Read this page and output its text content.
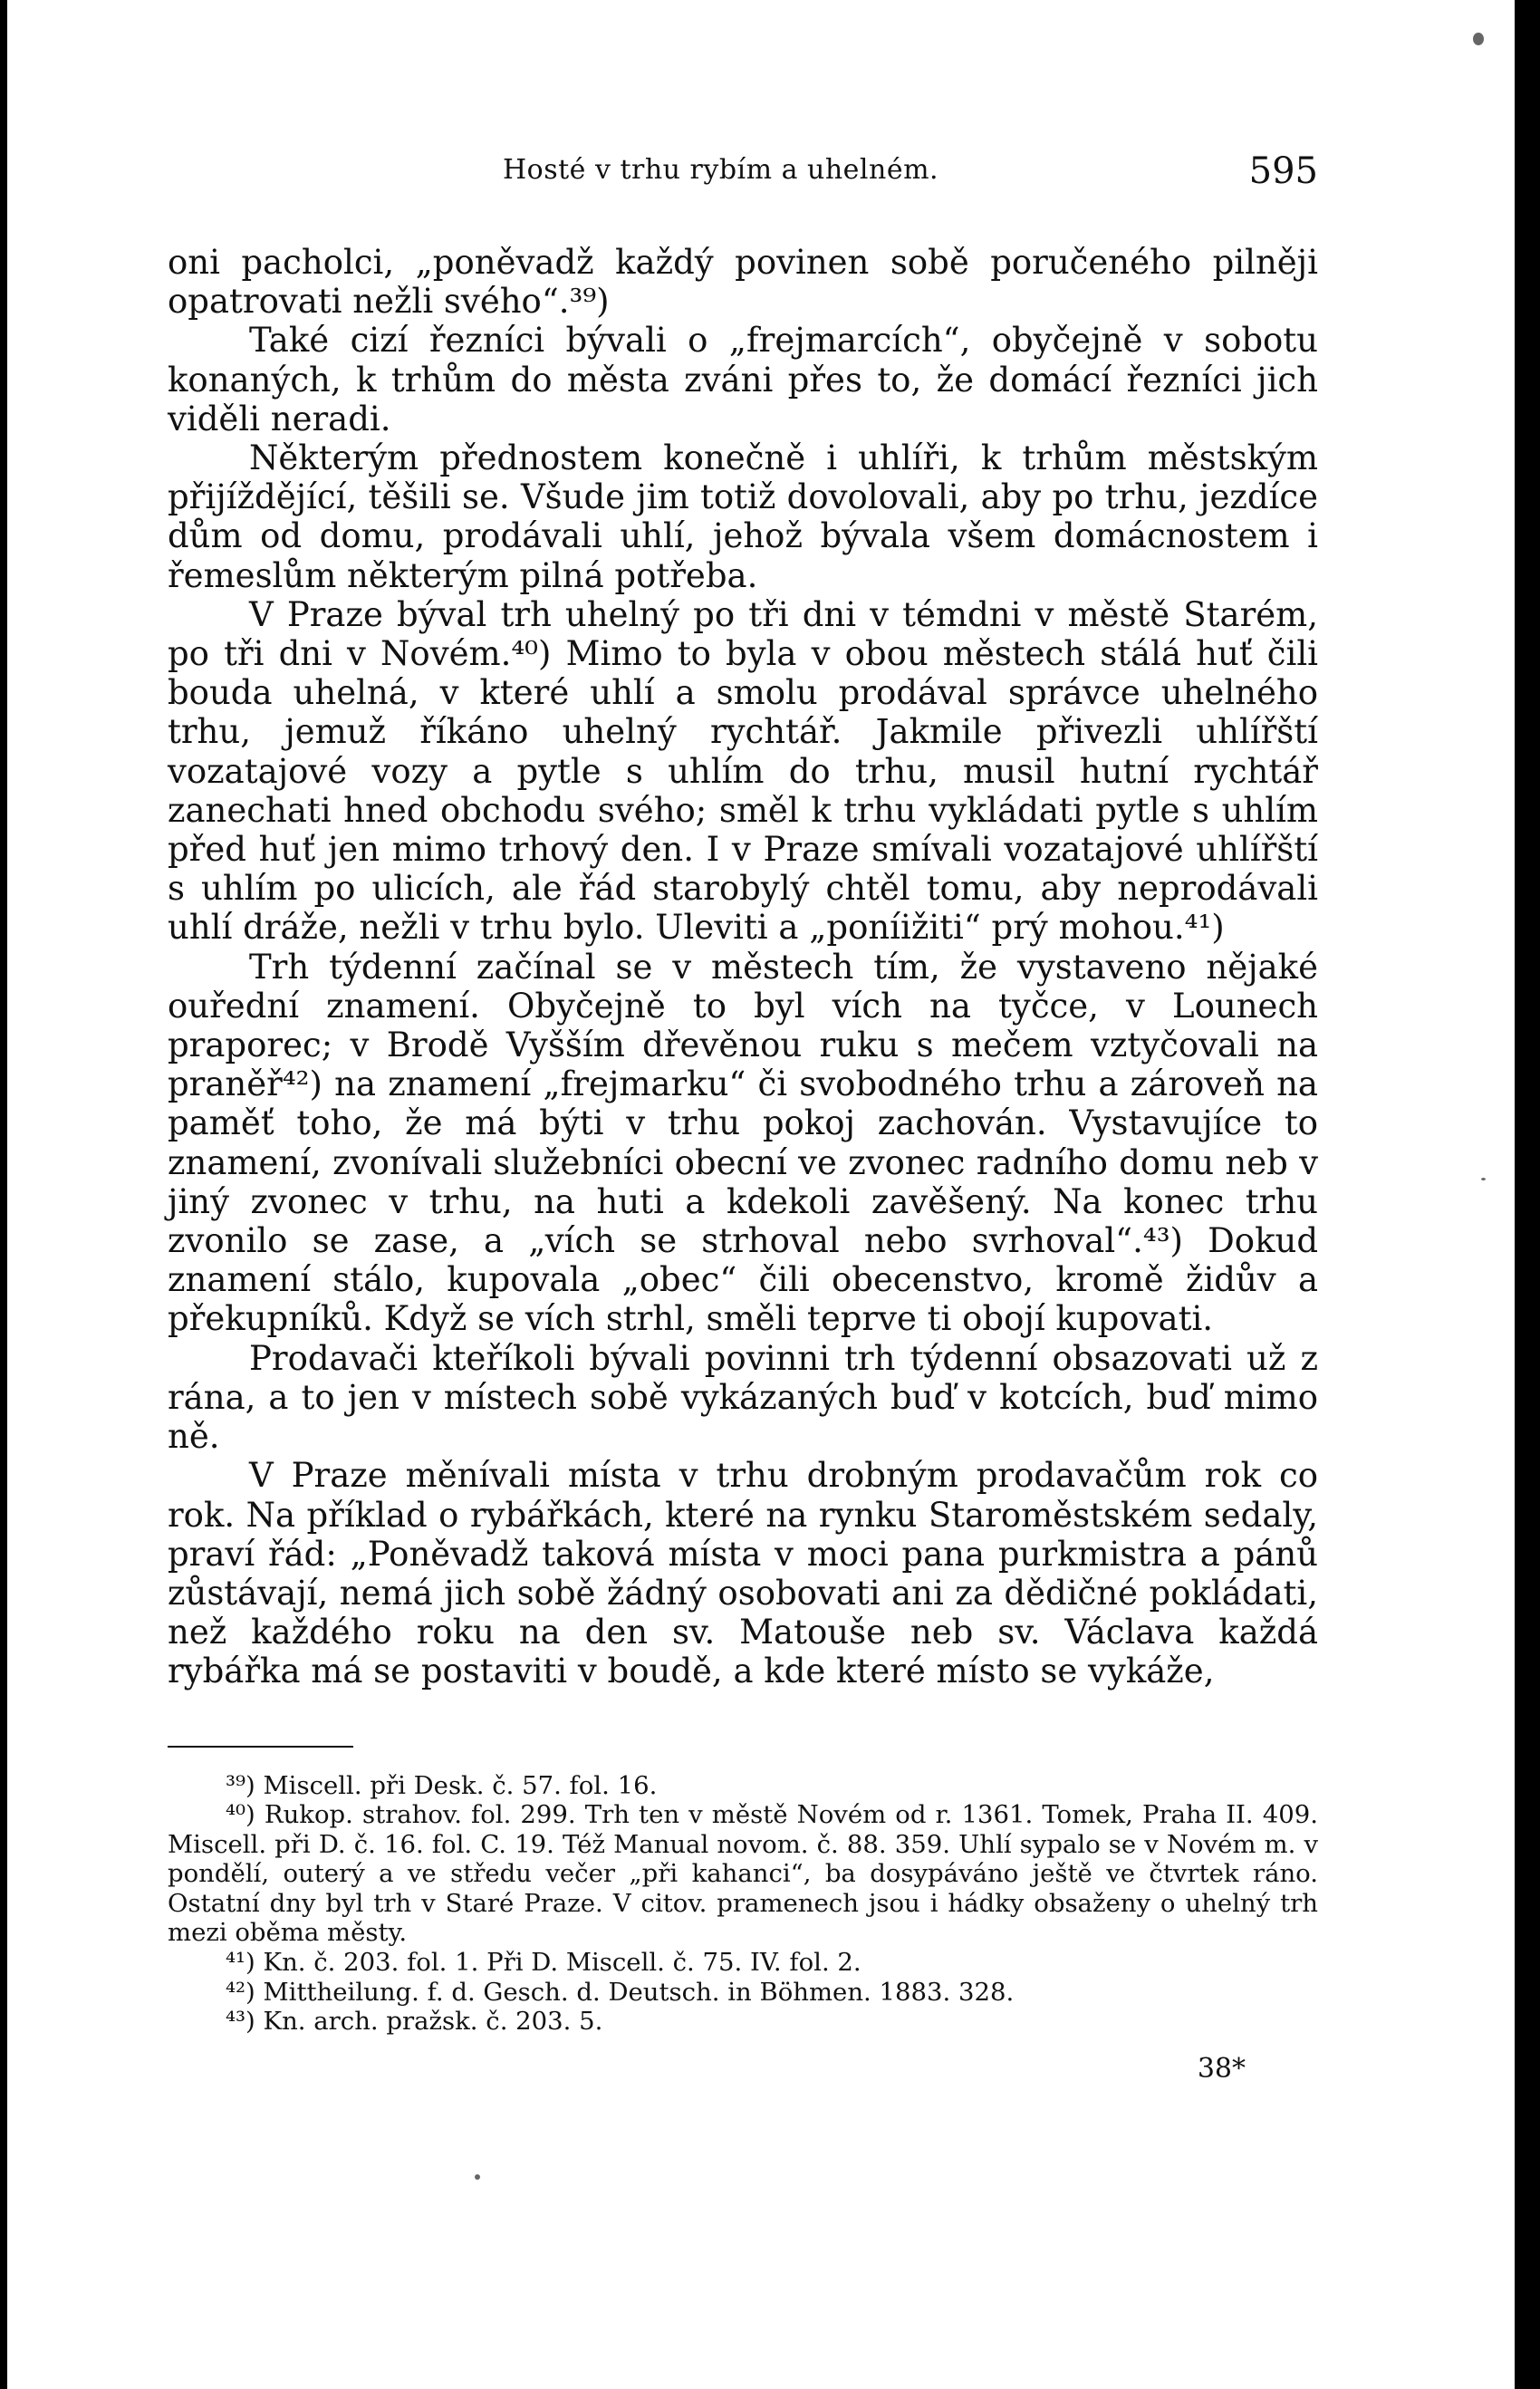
Hosté v trhu rybím a uhelném.	595

oni pacholci, „poněvadž každý povinen sobě poručeného pilněji opatrovati nežli svého“.³⁹)

Také cizí řezníci bývali o „frejmarcích“, obyčejně v sobotu konaných, k trhům do města zváni přes to, že domácí řezníci jich viděli neradi.

Některým přednostem konečně i uhlíři, k trhům městským přijíždějící, těšili se. Všude jim totiž dovolovali, aby po trhu, jezdíce dům od domu, prodávali uhlí, jehož bývala všem domácnostem i řemeslům některým pilná potřeba.

V Praze býval trh uhelný po tři dni v témdni v městě Starém, po tři dni v Novém.⁴⁰) Mimo to byla v obou městech stálá huť čili bouda uhelná, v které uhlí a smolu prodával správce uhelného trhu, jemuž říkáno uhelný rychtář. Jakmile přivezli uhlířští vozatajové vozy a pytle s uhlím do trhu, musil hutní rychtář zanechati hned obchodu svého; směl k trhu vykládati pytle s uhlím před huť jen mimo trhový den. I v Praze smívali vozatajové uhlířští s uhlím po ulicích, ale řád starobylý chtěl tomu, aby neprodávali uhlí dráže, nežli v trhu bylo. Uleviti a „poníižiti“ prý mohou.⁴¹)

Trh týdenní začínal se v městech tím, že vystaveno nějaké ouřední znamení. Obyčejně to byl vích na tyčce, v Lounech praporec; v Brodě Vyšším dřevěnou ruku s mečem vztyčovali na praněř⁴²) na znamení „frejmarku“ či svobodného trhu a zároveň na paměť toho, že má býti v trhu pokoj zachován. Vystavujíce to znamení, zvonívali služebníci obecní ve zvonec radního domu neb v jiný zvonec v trhu, na huti a kdekoli zavěšený. Na konec trhu zvonilo se zase, a „vích se strhoval nebo svrhoval“.⁴³) Dokud znamení stálo, kupovala „obec“ čili obecenstvo, kromě židův a překupníků. Když se vích strhl, směli teprve ti obojí kupovati.

Prodavači kteříkoli bývali povinni trh týdenní obsazovati už z rána, a to jen v místech sobě vykázaných buď v kotcích, buď mimo ně.

V Praze měnívali místa v trhu drobným prodavačům rok co rok. Na příklad o rybářkách, které na rynku Staroměstském sedaly, praví řád: „Poněvadž taková místa v moci pana purkmistra a pánů zůstávají, nemá jich sobě žádný osobovati ani za dědičné pokládati, než každého roku na den sv. Matouše neb sv. Václava každá rybářka má se postaviti v boudě, a kde které místo se vykáže,

³⁹) Miscell. při Desk. č. 57. fol. 16.

⁴⁰) Rukop. strahov. fol. 299. Trh ten v městě Novém od r. 1361. Tomek, Praha II. 409. Miscell. při D. č. 16. fol. C. 19. Též Manual novom. č. 88. 359. Uhlí sypalo se v Novém m. v pondělí, outerý a ve středu večer „při kahanci“, ba dosypáváno ještě ve čtvrtek ráno. Ostatní dny byl trh v Staré Praze. V citov. pramenech jsou i hádky obsaženy o uhelný trh mezi oběma městy.

⁴¹) Kn. č. 203. fol. 1. Při D. Miscell. č. 75. IV. fol. 2.

⁴²) Mittheilung. f. d. Gesch. d. Deutsch. in Böhmen. 1883. 328.

⁴³) Kn. arch. pražsk. č. 203. 5.

38*
